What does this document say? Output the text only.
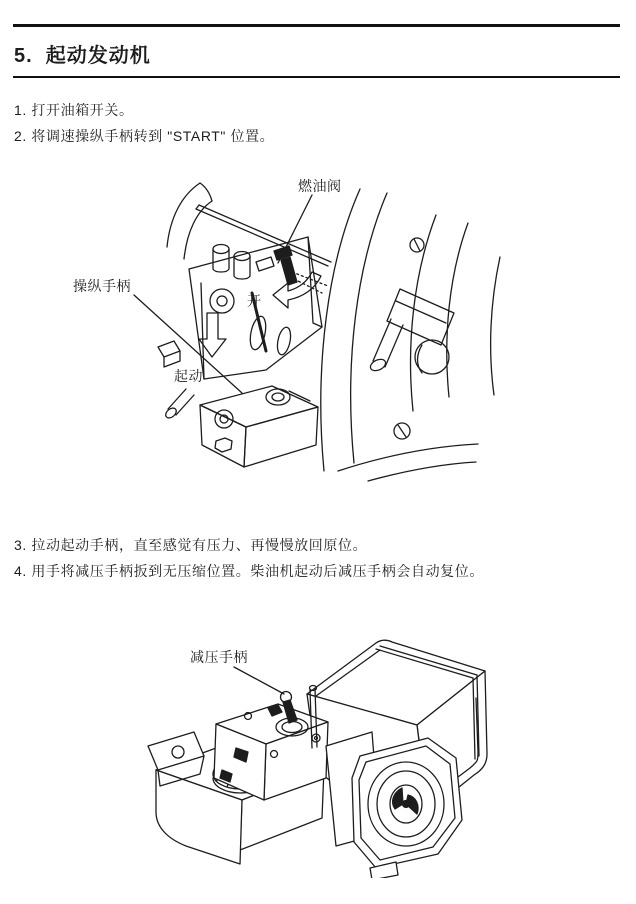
5.  起动发动机
1. 打开油箱开关。
2. 将调速操纵手柄转到 "START" 位置。
燃油阀
操纵手柄
开
起动
3. 拉动起动手柄，直至感觉有压力、再慢慢放回原位。
4. 用手将减压手柄扳到无压缩位置。柴油机起动后减压手柄会自动复位。
减压手柄
